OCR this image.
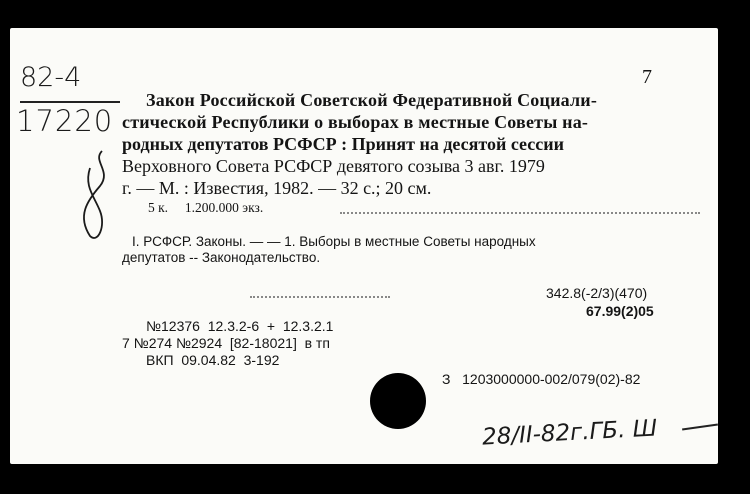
82-4

17220

7

Закон Российской Советской Федеративной Социали-

стической Республики о выборах в местные Советы на-

родных депутатов РСФСР : Принят на десятой сессии

Верховного Совета РСФСР девятого созыва 3 авг. 1979

г. — М. : Известия, 1982. — 32 с.; 20 см.

5 к.     1.200.000 экз.

I. РСФСР. Законы. — — 1. Выборы в местные Советы народных

депутатов -- Законодательство.

342.8(-2/3)(470)

67.99(2)05

№12376  12.3.2-6  +  12.3.2.1

7 №274 №2924  [82-18021]  в тп

ВКП  09.04.82  3-192

З   1203000000-002/079(02)-82

28/II-82г.ГБ. Ш
